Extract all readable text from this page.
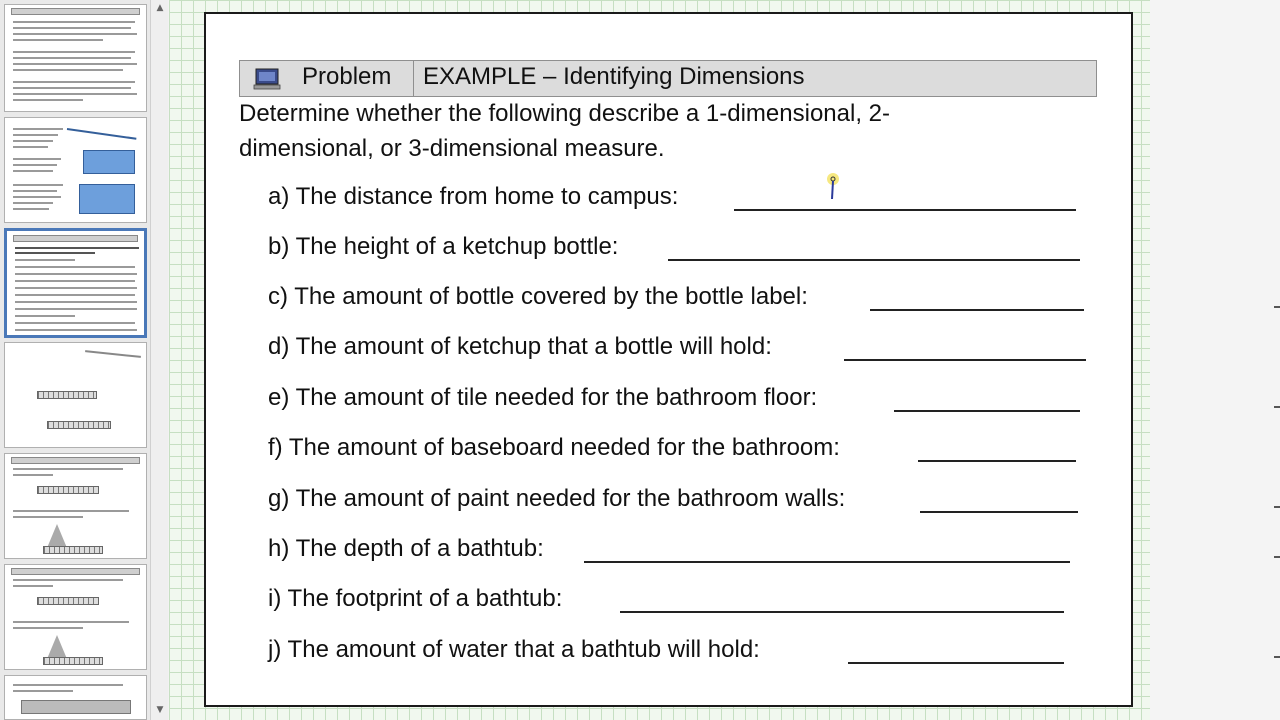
▲
▼
Problem EXAMPLE – Identifying Dimensions
Determine whether the following describe a 1-dimensional, 2-dimensional, or 3-dimensional measure.
a) The distance from home to campus:
b) The height of a ketchup bottle:
c) The amount of bottle covered by the bottle label:
d) The amount of ketchup that a bottle will hold:
e) The amount of tile needed for the bathroom floor:
f) The amount of baseboard needed for the bathroom:
g) The amount of paint needed for the bathroom walls:
h) The depth of a bathtub:
i) The footprint of a bathtub:
j) The amount of water that a bathtub will hold:
